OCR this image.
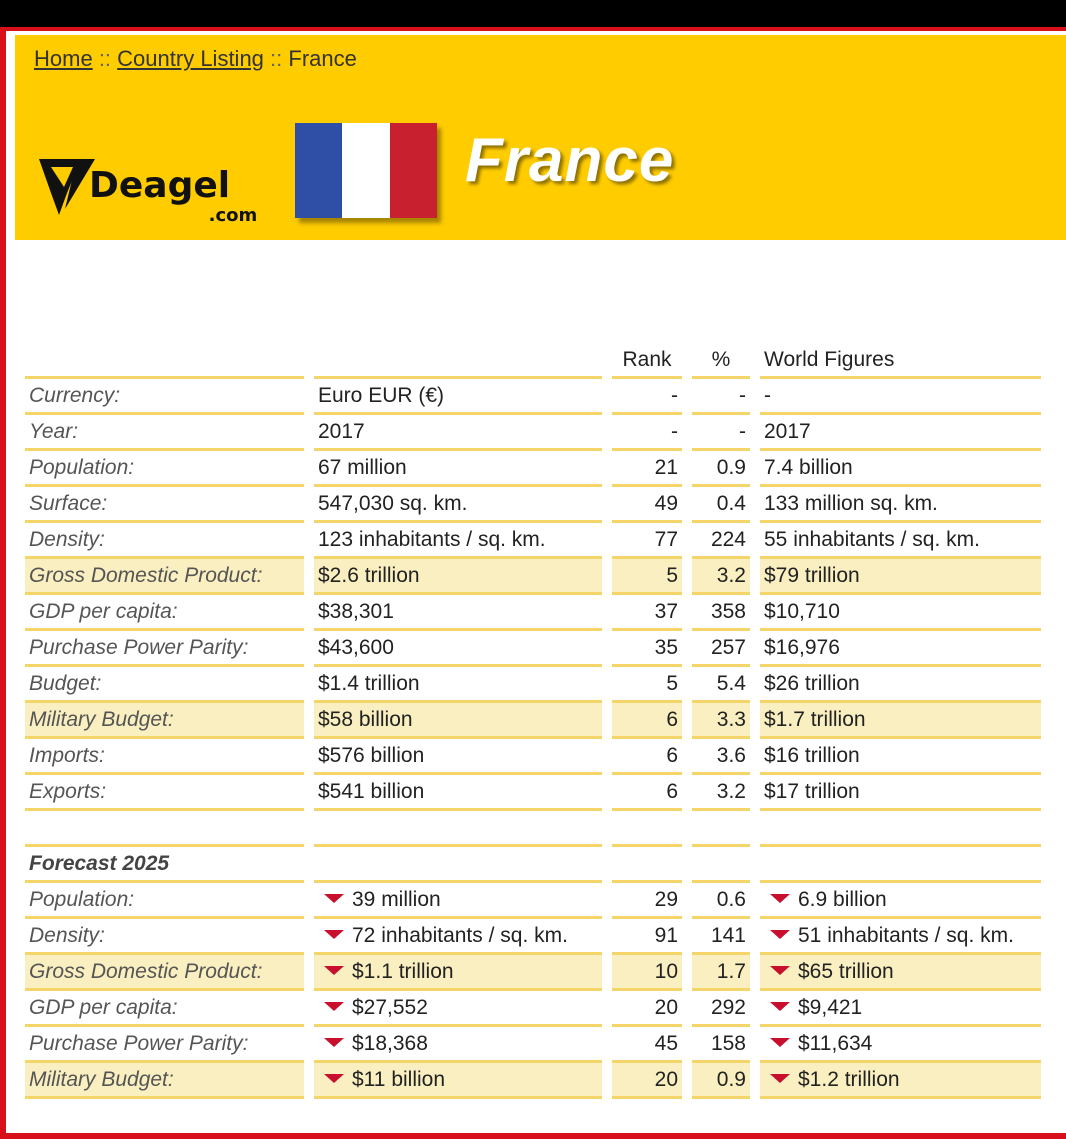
Home :: Country Listing :: France
Deagel
.com
France
		Rank	%	World Figures
Currency:	Euro EUR (€)	-	-	-
Year:	2017	-	-	2017
Population:	67 million	21	0.9	7.4 billion
Surface:	547,030 sq. km.	49	0.4	133 million sq. km.
Density:	123 inhabitants / sq. km.	77	224	55 inhabitants / sq. km.
Gross Domestic Product:	$2.6 trillion	5	3.2	$79 trillion
GDP per capita:	$38,301	37	358	$10,710
Purchase Power Parity:	$43,600	35	257	$16,976
Budget:	$1.4 trillion	5	5.4	$26 trillion
Military Budget:	$58 billion	6	3.3	$1.7 trillion
Imports:	$576 billion	6	3.6	$16 trillion
Exports:	$541 billion	6	3.2	$17 trillion

Forecast 2025				
Population:	39 million	29	0.6	6.9 billion
Density:	72 inhabitants / sq. km.	91	141	51 inhabitants / sq. km.
Gross Domestic Product:	$1.1 trillion	10	1.7	$65 trillion
GDP per capita:	$27,552	20	292	$9,421
Purchase Power Parity:	$18,368	45	158	$11,634
Military Budget:	$11 billion	20	0.9	$1.2 trillion
